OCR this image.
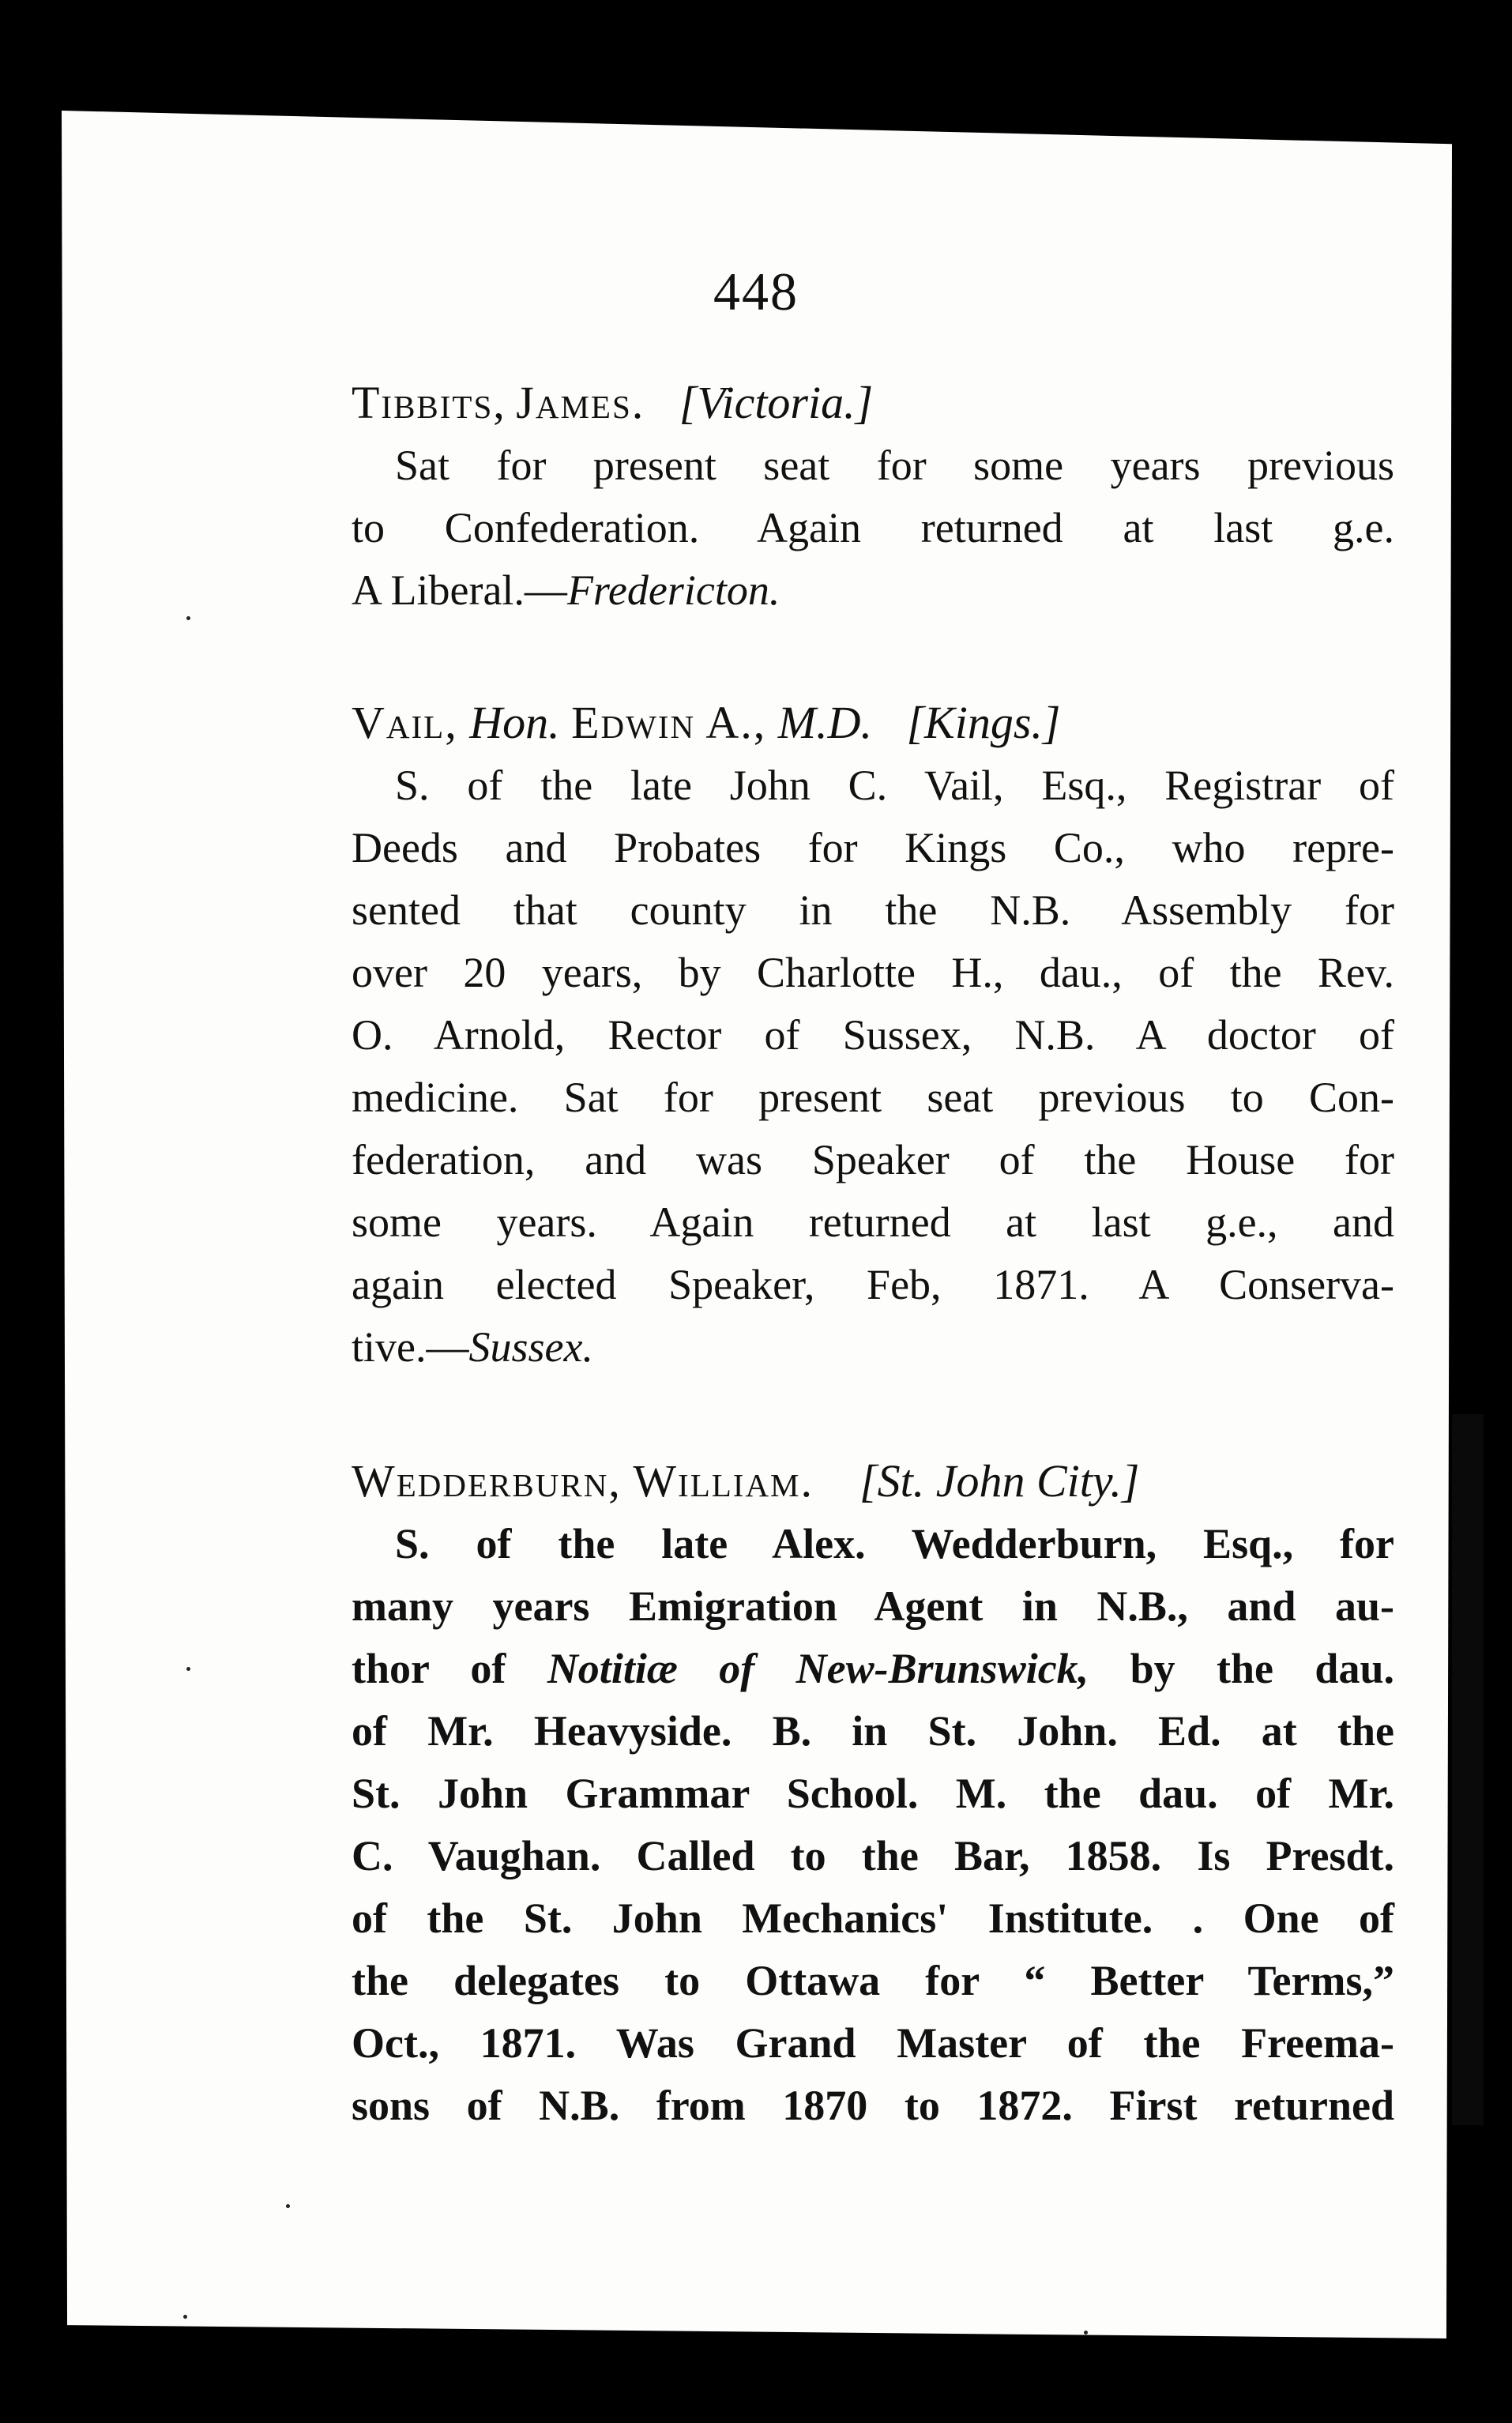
448
Tibbits, James. [Victoria.]
Sat for present seat for some years previous
to Confederation. Again returned at last g.e.
A Liberal.—Fredericton.
Vail, Hon. Edwin A., M.D. [Kings.]
S. of the late John C. Vail, Esq., Registrar of
Deeds and Probates for Kings Co., who repre-
sented that county in the N.B. Assembly for
over 20 years, by Charlotte H., dau., of the Rev.
O. Arnold, Rector of Sussex, N.B. A doctor of
medicine. Sat for present seat previous to Con-
federation, and was Speaker of the House for
some years. Again returned at last g.e., and
again elected Speaker, Feb, 1871. A Conserva-
tive.—Sussex.
Wedderburn, William. [St. John City.]
S. of the late Alex. Wedderburn, Esq., for
many years Emigration Agent in N.B., and au-
thor of Notitiæ of New-Brunswick, by the dau.
of Mr. Heavyside. B. in St. John. Ed. at the
St. John Grammar School. M. the dau. of Mr.
C. Vaughan. Called to the Bar, 1858. Is Presdt.
of the St. John Mechanics' Institute. . One of
the delegates to Ottawa for “ Better Terms,”
Oct., 1871. Was Grand Master of the Freema-
sons of N.B. from 1870 to 1872. First returned
